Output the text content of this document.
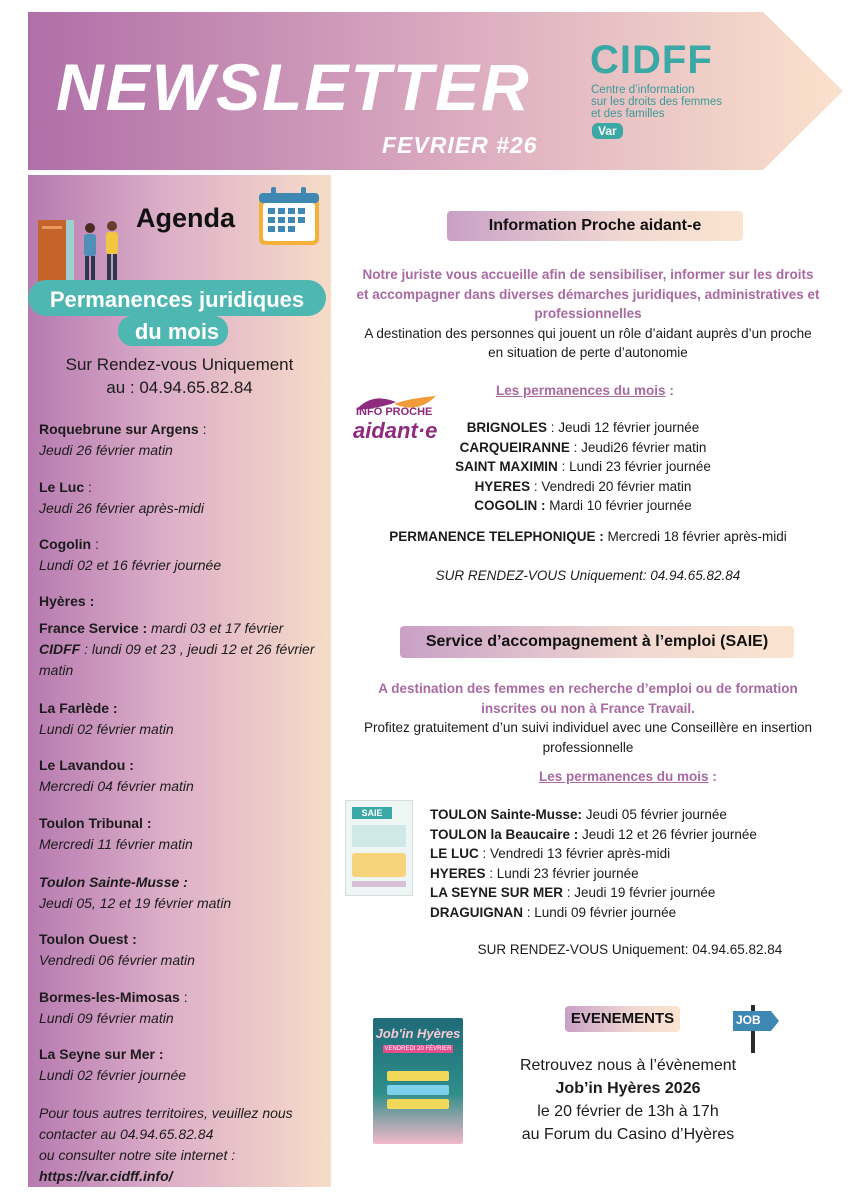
NEWSLETTER
FEVRIER #26
CIDFF
Centre d’information
sur les droits des femmes
et des familles
Var
Agenda
Permanences juridiques
du mois
Sur Rendez-vous Uniquement
au : 04.94.65.82.84
Roquebrune sur Argens :
Jeudi 26 février matin
Le Luc :
Jeudi 26 février après-midi
Cogolin :
Lundi 02 et 16 février journée
Hyères :
France Service : mardi 03 et 17 février
CIDFF : lundi 09 et 23 , jeudi 12 et 26 février matin
La Farlède :
Lundi 02 février matin
Le Lavandou :
Mercredi 04 février matin
Toulon Tribunal :
Mercredi 11 février matin
Toulon Sainte-Musse :
Jeudi 05, 12 et 19 février matin
Toulon Ouest :
Vendredi 06 février matin
Bormes-les-Mimosas :
Lundi 09 février matin
La Seyne sur Mer :
Lundi 02 février journée
Pour tous autres territoires, veuillez nous
contacter au 04.94.65.82.84
ou consulter notre site internet :
https://var.cidff.info/
Information Proche aidant-e
Notre juriste vous accueille afin de sensibiliser, informer sur les droits
et accompagner dans diverses démarches juridiques, administratives et
professionnelles
A destination des personnes qui jouent un rôle d’aidant auprès d’un proche
en situation de perte d’autonomie
Les permanences du mois :
INFO PROCHE
aidant·e	BRIGNOLES : Jeudi 12 février journée
CARQUEIRANNE : Jeudi26 février matin
SAINT MAXIMIN : Lundi 23 février journée
HYERES : Vendredi 20 février matin
COGOLIN : Mardi 10 février journée
PERMANENCE TELEPHONIQUE : Mercredi 18 février après-midi
SUR RENDEZ-VOUS Uniquement: 04.94.65.82.84
Service d’accompagnement à l’emploi (SAIE)
A destination des femmes en recherche d’emploi ou de formation
inscrites ou non à France Travail.
Profitez gratuitement d’un suivi individuel avec une Conseillère en insertion
professionnelle
Les permanences du mois :
SAIE	TOULON Sainte-Musse: Jeudi 05 février journée
TOULON la Beaucaire : Jeudi 12 et 26 février journée
LE LUC : Vendredi 13 février après-midi
HYERES : Lundi 23 février journée
LA SEYNE SUR MER : Jeudi 19 février journée
DRAGUIGNAN : Lundi 09 février journée
SUR RENDEZ-VOUS Uniquement: 04.94.65.82.84
EVENEMENTS	JOB
Job'in Hyères
VENDREDI 20 FÉVRIER
Retrouvez nous à l’évènement
Job’in Hyères 2026
le 20 février de 13h à 17h
au Forum du Casino d’Hyères
